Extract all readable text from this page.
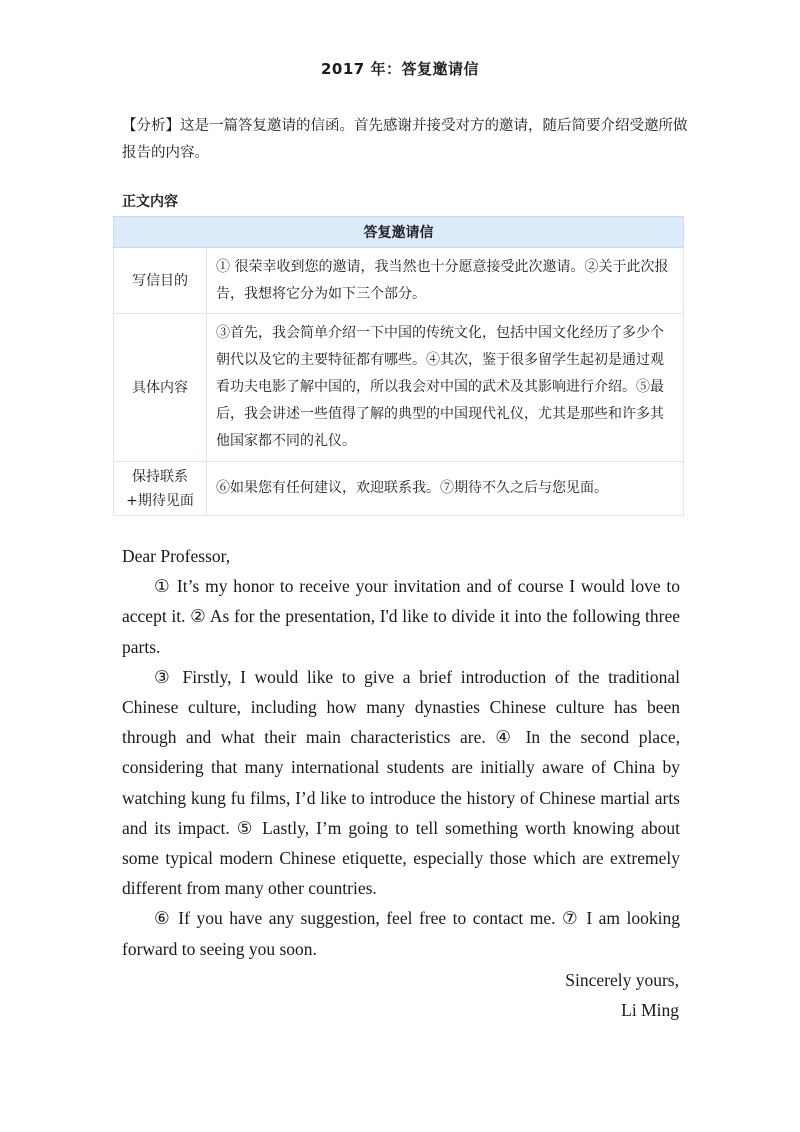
2017 年：答复邀请信
【分析】这是一篇答复邀请的信函。首先感谢并接受对方的邀请，随后简要介绍受邀所做报告的内容。
正文内容
答复邀请信	
写信目的	① 很荣幸收到您的邀请，我当然也十分愿意接受此次邀请。②关于此次报告，我想将它分为如下三个部分。
具体内容	③首先，我会简单介绍一下中国的传统文化，包括中国文化经历了多少个朝代以及它的主要特征都有哪些。④其次，鉴于很多留学生起初是通过观看功夫电影了解中国的，所以我会对中国的武术及其影响进行介绍。⑤最后，我会讲述一些值得了解的典型的中国现代礼仪，尤其是那些和许多其他国家都不同的礼仪。

保持联系
+期待见面	⑥如果您有任何建议，欢迎联系我。⑦期待不久之后与您见面。

Dear Professor,

① It’s my honor to receive your invitation and of course I would love to accept it. ② As for the presentation, I'd like to divide it into the following three parts.

③ Firstly, I would like to give a brief introduction of the traditional Chinese culture, including how many dynasties Chinese culture has been through and what their main characteristics are. ④ In the second place, considering that many international students are initially aware of China by watching kung fu films, I’d like to introduce the history of Chinese martial arts and its impact. ⑤ Lastly, I’m going to tell something worth knowing about some typical modern Chinese etiquette, especially those which are extremely different from many other countries.

⑥ If you have any suggestion, feel free to contact me. ⑦ I am looking forward to seeing you soon.

Sincerely yours,
Li Ming
